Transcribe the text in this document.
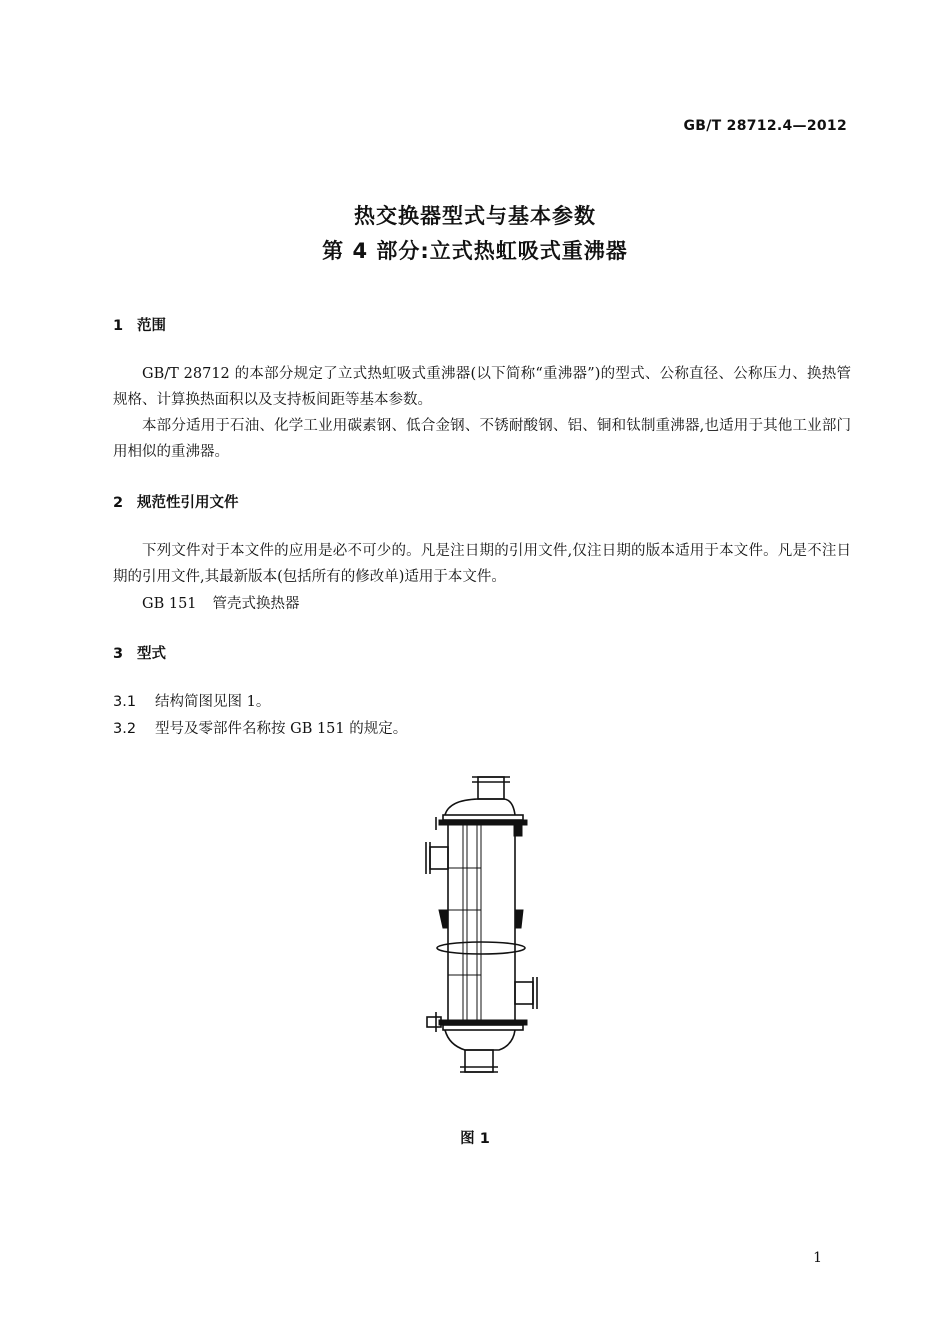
GB/T 28712.4—2012
热交换器型式与基本参数
第 4 部分:立式热虹吸式重沸器
1 范围
GB/T 28712 的本部分规定了立式热虹吸式重沸器(以下简称“重沸器”)的型式、公称直径、公称压力、换热管规格、计算换热面积以及支持板间距等基本参数。
本部分适用于石油、化学工业用碳素钢、低合金钢、不锈耐酸钢、铝、铜和钛制重沸器,也适用于其他工业部门用相似的重沸器。
2 规范性引用文件
下列文件对于本文件的应用是必不可少的。凡是注日期的引用文件,仅注日期的版本适用于本文件。凡是不注日期的引用文件,其最新版本(包括所有的修改单)适用于本文件。
GB 151 管壳式换热器
3 型式
3.1 结构简图见图 1。
3.2 型号及零部件名称按 GB 151 的规定。
图 1
1
